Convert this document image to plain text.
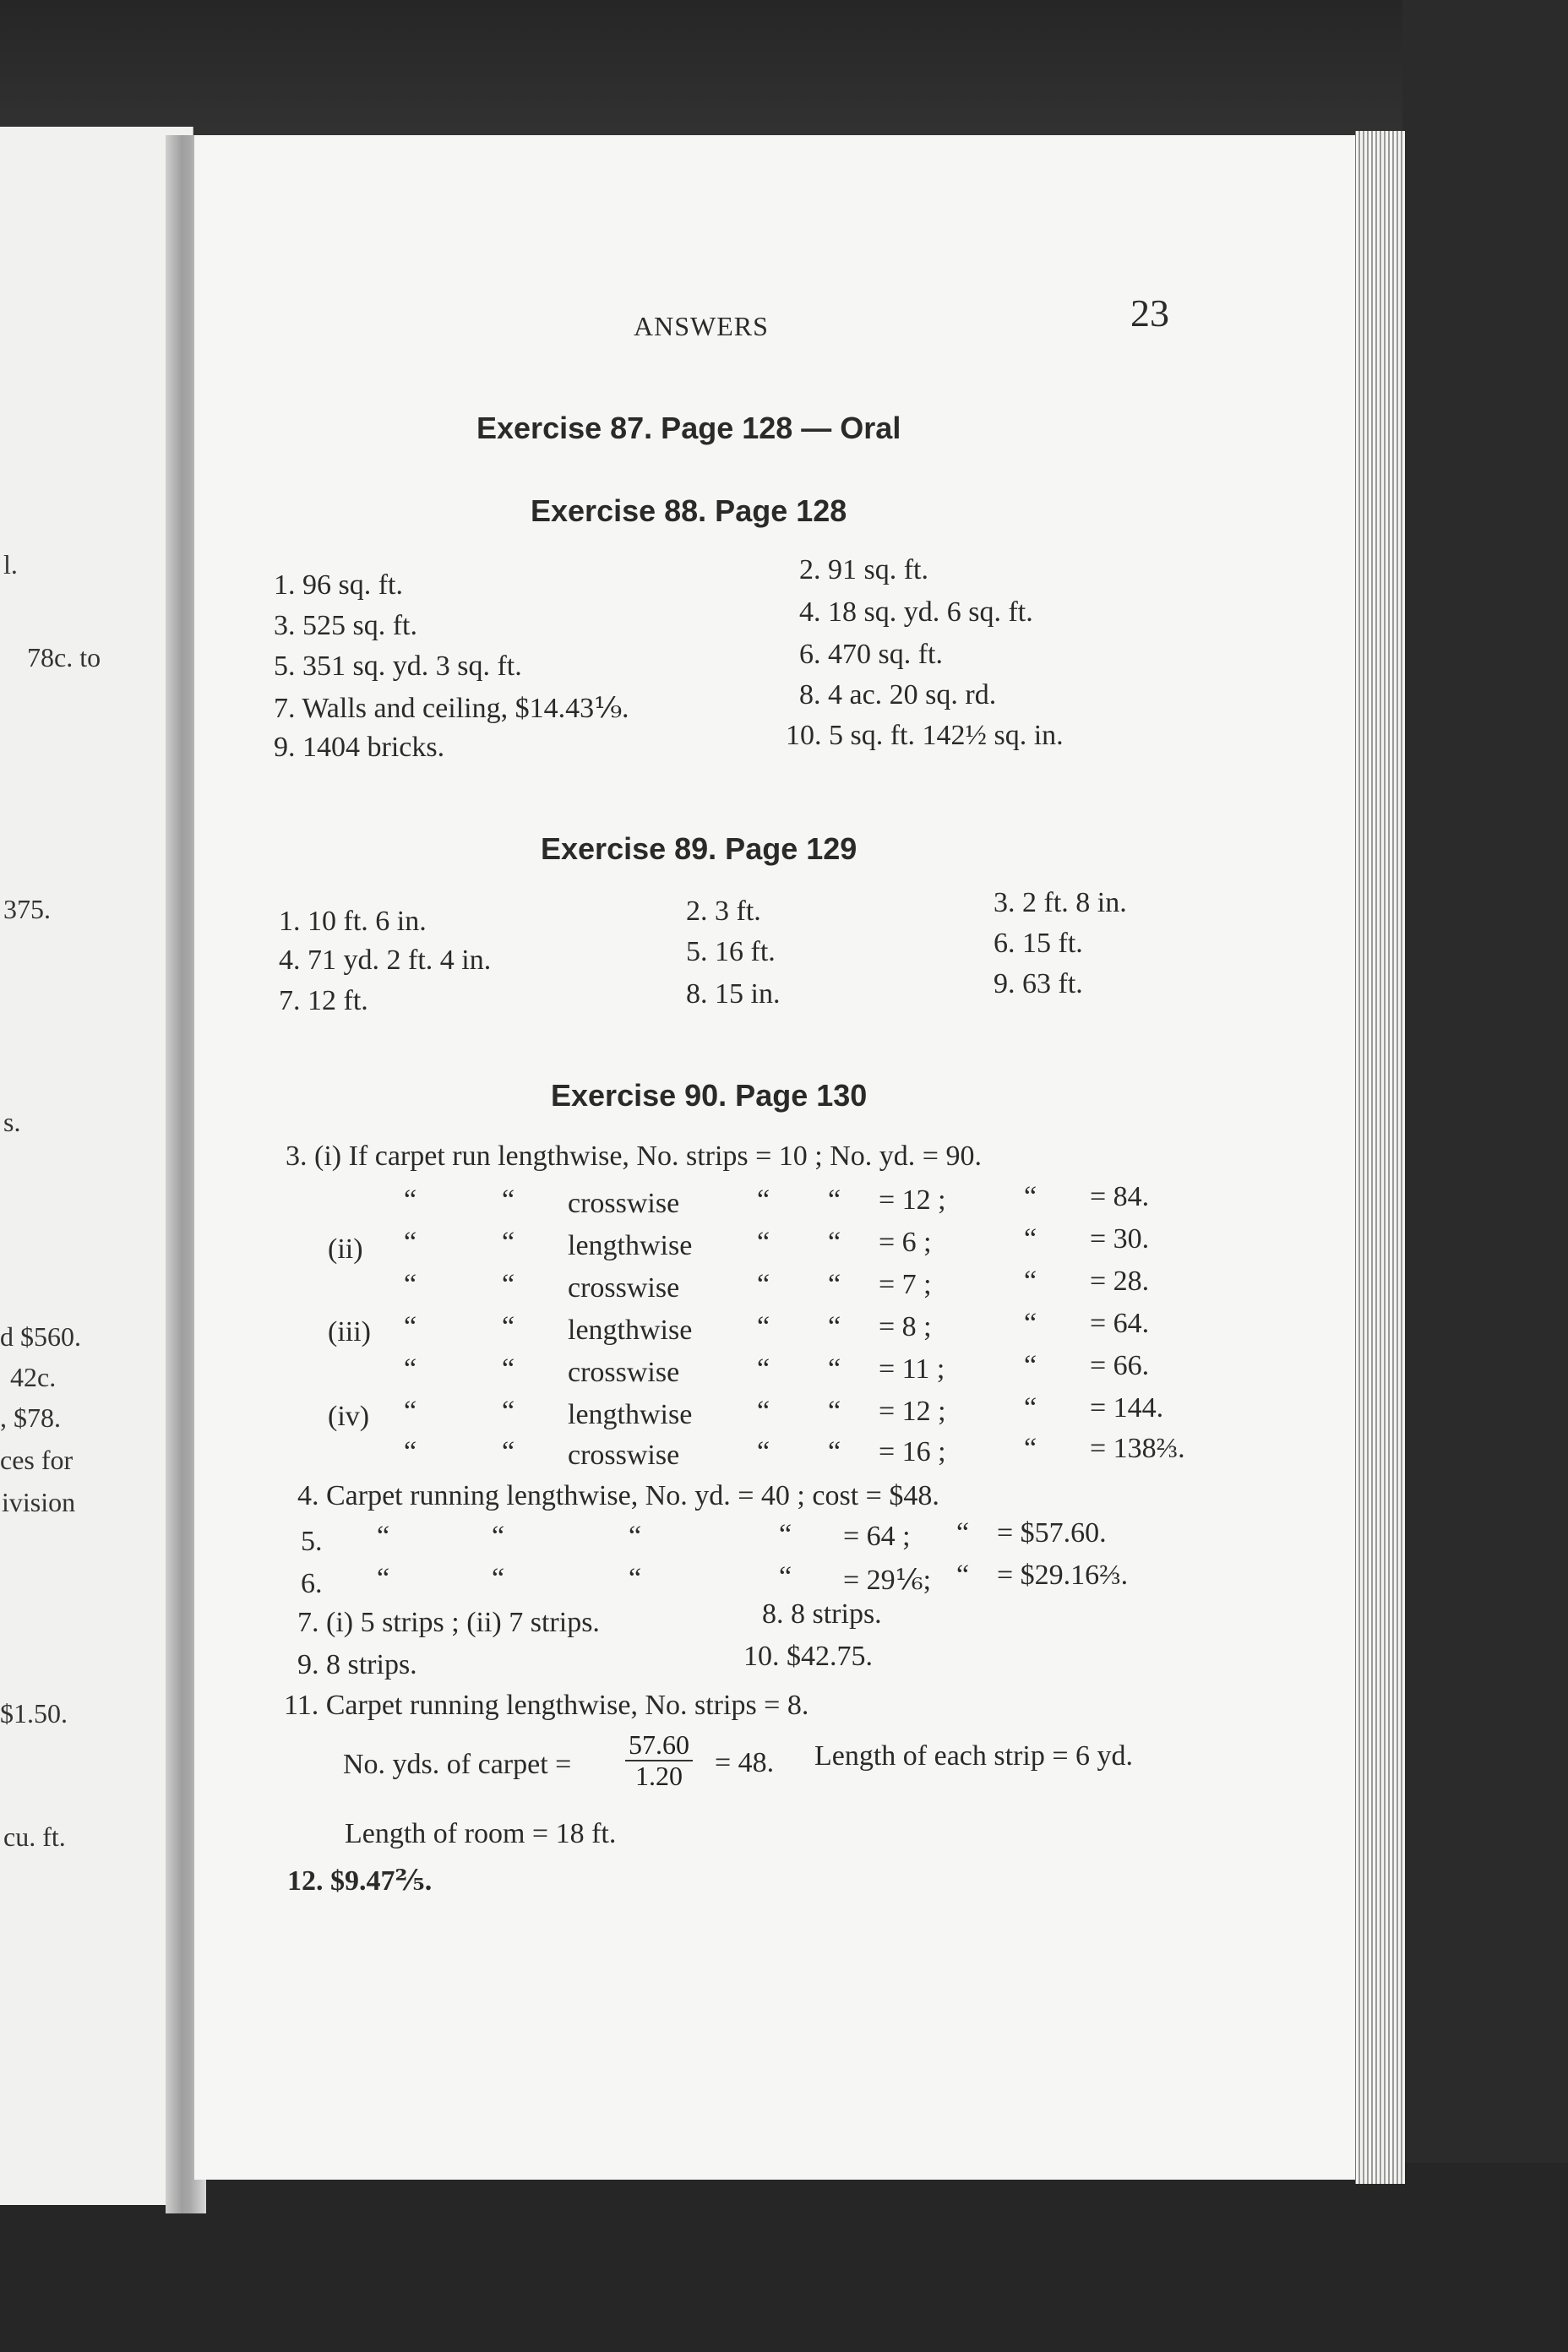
l.
78c. to
375.
s.
d $560.
42c.
, $78.
ces for
ivision
$1.50.
cu. ft.
ANSWERS	23
Exercise 87. Page 128 — Oral
Exercise 88. Page 128
1. 96 sq. ft.	2. 91 sq. ft.
3. 525 sq. ft.	4. 18 sq. yd. 6 sq. ft.
5. 351 sq. yd. 3 sq. ft.	6. 470 sq. ft.
7. Walls and ceiling, $14.43⅑.	8. 4 ac. 20 sq. rd.
9. 1404 bricks.	10. 5 sq. ft. 142½ sq. in.
Exercise 89. Page 129
1. 10 ft. 6 in.	2. 3 ft.	3. 2 ft. 8 in.
4. 71 yd. 2 ft. 4 in.	5. 16 ft.	6. 15 ft.
7. 12 ft.	8. 15 in.	9. 63 ft.
Exercise 90. Page 130
3. (i) If carpet run lengthwise, No. strips = 10 ; No. yd. = 90.
“	“ crosswise	“ “ = 12 ;	“ = 84.
(ii) “	“ lengthwise “ “ = 6 ;	“ = 30.
“	“ crosswise	“ “ = 7 ;	“ = 28.
(iii) “	“ lengthwise “ “ = 8 ;	“ = 64.
“	“ crosswise	“ “ = 11 ;	“ = 66.
(iv) “	“ lengthwise “ “ = 12 ;	“ = 144.
“	“ crosswise	“ “ = 16 ;	“ = 138⅔.
4. Carpet running lengthwise, No. yd. = 40 ; cost = $48.
5. “	“	“	“ = 64 ; “ = $57.60.
6. “	“	“	“ = 29⅙; “ = $29.16⅔.
7. (i) 5 strips ; (ii) 7 strips.	8. 8 strips.
9. 8 strips.	10. $42.75.
11. Carpet running lengthwise, No. strips = 8.
No. yds. of carpet = $\frac{57.60}{1.20} = 48$. Length of each strip = 6 yd.
Length of room = 18 ft.
12. $9.47⅖.
